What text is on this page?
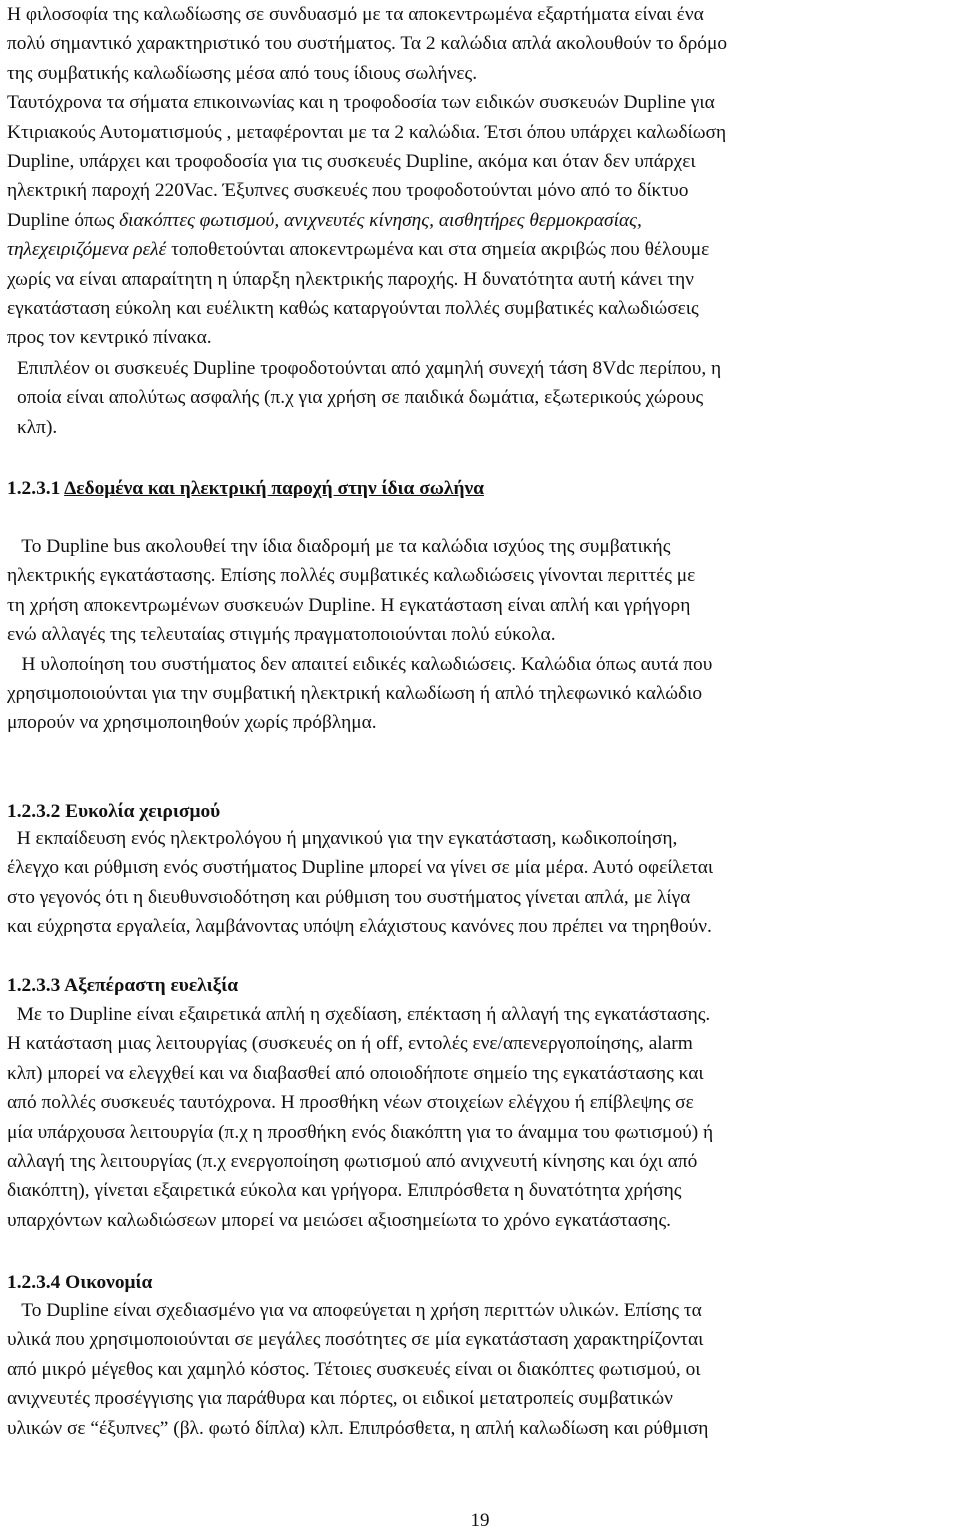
Η φιλοσοφία της καλωδίωσης σε συνδυασμό με τα αποκεντρωμένα εξαρτήματα είναι ένα
πολύ σημαντικό χαρακτηριστικό του συστήματος. Τα 2 καλώδια απλά ακολουθούν το δρόμο
της συμβατικής καλωδίωσης μέσα από τους ίδιους σωλήνες.
Ταυτόχρονα τα σήματα επικοινωνίας και η τροφοδοσία των ειδικών συσκευών Dupline για
Κτιριακούς Αυτοματισμούς , μεταφέρονται με τα 2 καλώδια. Έτσι όπου υπάρχει καλωδίωση
Dupline, υπάρχει και τροφοδοσία για τις συσκευές Dupline, ακόμα και όταν δεν υπάρχει
ηλεκτρική παροχή 220Vac. Έξυπνες συσκευές που τροφοδοτούνται μόνο από το δίκτυο
Dupline όπως διακόπτες φωτισμού, ανιχνευτές κίνησης, αισθητήρες θερμοκρασίας,
τηλεχειριζόμενα ρελέ τοποθετούνται αποκεντρωμένα και στα σημεία ακριβώς που θέλουμε
χωρίς να είναι απαραίτητη η ύπαρξη ηλεκτρικής παροχής. Η δυνατότητα αυτή κάνει την
εγκατάσταση εύκολη και ευέλικτη καθώς καταργούνται πολλές συμβατικές καλωδιώσεις
προς τον κεντρικό πίνακα.
Επιπλέον οι συσκευές Dupline τροφοδοτούνται από χαμηλή συνεχή τάση 8Vdc περίπου, η
οποία είναι απολύτως ασφαλής (π.χ για χρήση σε παιδικά δωμάτια, εξωτερικούς χώρους
κλπ).
1.2.3.1 Δεδομένα και ηλεκτρική παροχή στην ίδια σωλήνα
Το Dupline bus ακολουθεί την ίδια διαδρομή με τα καλώδια ισχύος της συμβατικής
ηλεκτρικής εγκατάστασης. Επίσης πολλές συμβατικές καλωδιώσεις γίνονται περιττές με
τη χρήση αποκεντρωμένων συσκευών Dupline. Η εγκατάσταση είναι απλή και γρήγορη
ενώ αλλαγές της τελευταίας στιγμής πραγματοποιούνται πολύ εύκολα.
Η υλοποίηση του συστήματος δεν απαιτεί ειδικές καλωδιώσεις. Καλώδια όπως αυτά που
χρησιμοποιούνται για την συμβατική ηλεκτρική καλωδίωση ή απλό τηλεφωνικό καλώδιο
μπορούν να χρησιμοποιηθούν χωρίς πρόβλημα.
1.2.3.2 Ευκολία χειρισμού
Η εκπαίδευση ενός ηλεκτρολόγου ή μηχανικού για την εγκατάσταση, κωδικοποίηση,
έλεγχο και ρύθμιση ενός συστήματος Dupline μπορεί να γίνει σε μία μέρα. Αυτό οφείλεται
στο γεγονός ότι η διευθυνσιοδότηση και ρύθμιση του συστήματος γίνεται απλά, με λίγα
και εύχρηστα εργαλεία, λαμβάνοντας υπόψη ελάχιστους κανόνες που πρέπει να τηρηθούν.
1.2.3.3 Αξεπέραστη ευελιξία
Με το Dupline είναι εξαιρετικά απλή η σχεδίαση, επέκταση ή αλλαγή της εγκατάστασης.
Η κατάσταση μιας λειτουργίας (συσκευές on ή off, εντολές ενε/απενεργοποίησης, alarm
κλπ) μπορεί να ελεγχθεί και να διαβασθεί από οποιοδήποτε σημείο της εγκατάστασης και
από πολλές συσκευές ταυτόχρονα. Η προσθήκη νέων στοιχείων ελέγχου ή επίβλεψης σε
μία υπάρχουσα λειτουργία (π.χ η προσθήκη ενός διακόπτη για το άναμμα του φωτισμού) ή
αλλαγή της λειτουργίας (π.χ ενεργοποίηση φωτισμού από ανιχνευτή κίνησης και όχι από
διακόπτη), γίνεται εξαιρετικά εύκολα και γρήγορα. Επιπρόσθετα η δυνατότητα χρήσης
υπαρχόντων καλωδιώσεων μπορεί να μειώσει αξιοσημείωτα το χρόνο εγκατάστασης.
1.2.3.4 Οικονομία
Το Dupline είναι σχεδιασμένο για να αποφεύγεται η χρήση περιττών υλικών. Επίσης τα
υλικά που χρησιμοποιούνται σε μεγάλες ποσότητες σε μία εγκατάσταση χαρακτηρίζονται
από μικρό μέγεθος και χαμηλό κόστος. Τέτοιες συσκευές είναι οι διακόπτες φωτισμού, οι
ανιχνευτές προσέγγισης για παράθυρα και πόρτες, οι ειδικοί μετατροπείς συμβατικών
υλικών σε “έξυπνες” (βλ. φωτό δίπλα) κλπ. Επιπρόσθετα, η απλή καλωδίωση και ρύθμιση
19
